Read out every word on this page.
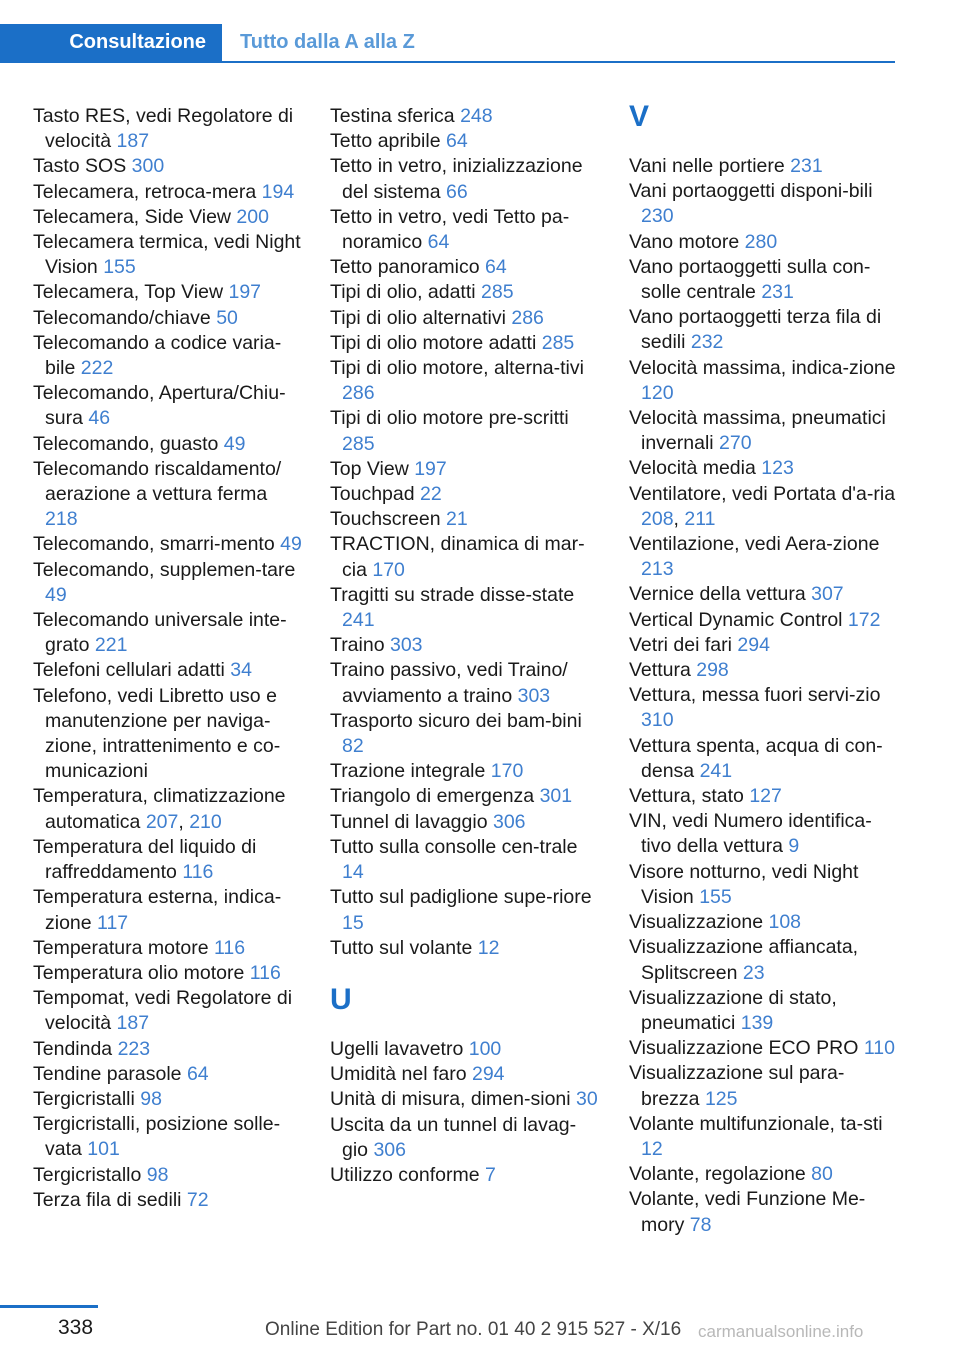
Consultazione	Tutto dalla A alla Z
Tasto RES, vedi Regolatore di velocità 187
Tasto SOS 300
Telecamera, retroca-mera 194
Telecamera, Side View 200
Telecamera termica, vedi Night Vision 155
Telecamera, Top View 197
Telecomando/chiave 50
Telecomando a codice varia-bile 222
Telecomando, Apertura/Chiu-sura 46
Telecomando, guasto 49
Telecomando riscaldamento/ aerazione a vettura ferma 218
Telecomando, smarri-mento 49
Telecomando, supplemen-tare 49
Telecomando universale inte-grato 221
Telefoni cellulari adatti 34
Telefono, vedi Libretto uso e manutenzione per naviga-zione, intrattenimento e co-municazioni
Temperatura, climatizzazione automatica 207, 210
Temperatura del liquido di raffreddamento 116
Temperatura esterna, indica-zione 117
Temperatura motore 116
Temperatura olio motore 116
Tempomat, vedi Regolatore di velocità 187
Tendinda 223
Tendine parasole 64
Tergicristalli 98
Tergicristalli, posizione solle-vata 101
Tergicristallo 98
Terza fila di sedili 72
Testina sferica 248
Tetto apribile 64
Tetto in vetro, inizializzazione del sistema 66
Tetto in vetro, vedi Tetto pa-noramico 64
Tetto panoramico 64
Tipi di olio, adatti 285
Tipi di olio alternativi 286
Tipi di olio motore adatti 285
Tipi di olio motore, alterna-tivi 286
Tipi di olio motore pre-scritti 285
Top View 197
Touchpad 22
Touchscreen 21
TRACTION, dinamica di mar-cia 170
Tragitti su strade disse-state 241
Traino 303
Traino passivo, vedi Traino/ avviamento a traino 303
Trasporto sicuro dei bam-bini 82
Trazione integrale 170
Triangolo di emergenza 301
Tunnel di lavaggio 306
Tutto sulla consolle cen-trale 14
Tutto sul padiglione supe-riore 15
Tutto sul volante 12
U
Ugelli lavavetro 100
Umidità nel faro 294
Unità di misura, dimen-sioni 30
Uscita da un tunnel di lavag-gio 306
Utilizzo conforme 7
V
Vani nelle portiere 231
Vani portaoggetti disponi-bili 230
Vano motore 280
Vano portaoggetti sulla con-solle centrale 231
Vano portaoggetti terza fila di sedili 232
Velocità massima, indica-zione 120
Velocità massima, pneumatici invernali 270
Velocità media 123
Ventilatore, vedi Portata d'a-ria 208, 211
Ventilazione, vedi Aera-zione 213
Vernice della vettura 307
Vertical Dynamic Control 172
Vetri dei fari 294
Vettura 298
Vettura, messa fuori servi-zio 310
Vettura spenta, acqua di con-densa 241
Vettura, stato 127
VIN, vedi Numero identifica-tivo della vettura 9
Visore notturno, vedi Night Vision 155
Visualizzazione 108
Visualizzazione affiancata, Splitscreen 23
Visualizzazione di stato, pneumatici 139
Visualizzazione ECO PRO 110
Visualizzazione sul para-brezza 125
Volante multifunzionale, ta-sti 12
Volante, regolazione 80
Volante, vedi Funzione Me-mory 78
338	Online Edition for Part no. 01 40 2 915 527 - X/16 carmanualsonline.info
